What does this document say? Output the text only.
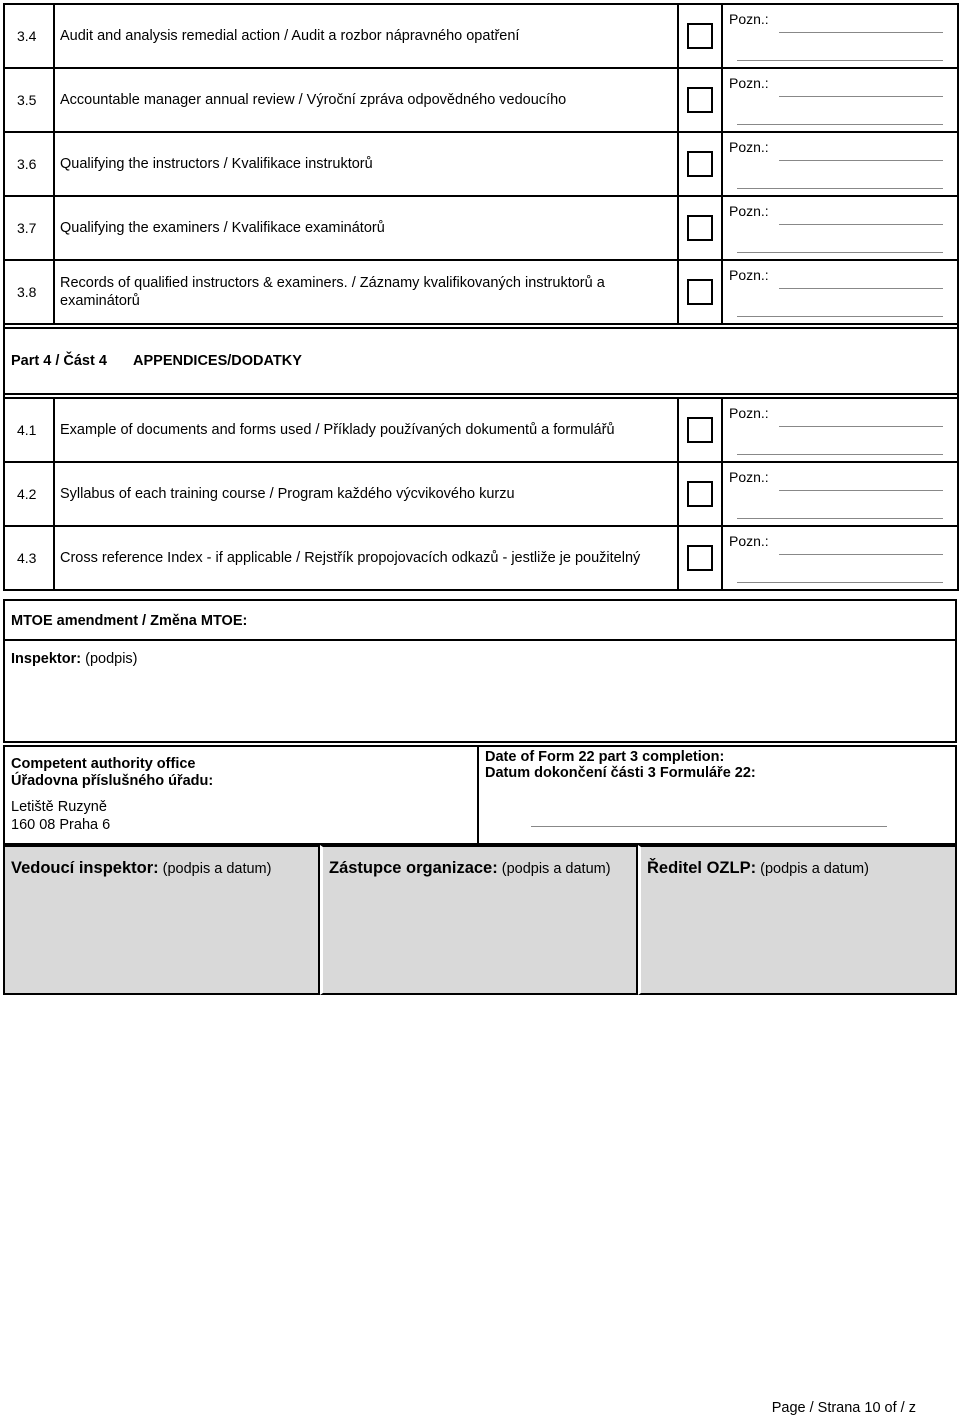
3.4	Audit and analysis remedial action / Audit a rozbor nápravného opatření		Pozn.:

3.5	Accountable manager annual review / Výroční zpráva odpovědného vedoucího		Pozn.:

3.6	Qualifying the instructors / Kvalifikace instruktorů		Pozn.:

3.7	Qualifying the examiners / Kvalifikace examinátorů		Pozn.:

3.8	Records of qualified instructors & examiners. / Záznamy kvalifikovaných instruktorů a examinátorů		Pozn.:

Part 4 / Část 4 APPENDICES/DODATKY			

4.1	Example of documents and forms used / Příklady používaných dokumentů a formulářů		Pozn.:

4.2	Syllabus of each training course / Program každého výcvikového kurzu		Pozn.:

4.3	Cross reference Index - if applicable / Rejstřík propojovacích odkazů - jestliže je použitelný		Pozn.:
MTOE amendment / Změna MTOE:
Inspektor: (podpis)
Competent authority office
Úřadovna příslušného úřadu:
Letiště Ruzyně
160 08 Praha 6
Date of Form 22 part 3 completion:
Datum dokončení části 3 Formuláře 22:
Vedoucí inspektor: (podpis a datum)	Zástupce organizace: (podpis a datum)	Ředitel OZLP: (podpis a datum)
Page / Strana 10 of / z
